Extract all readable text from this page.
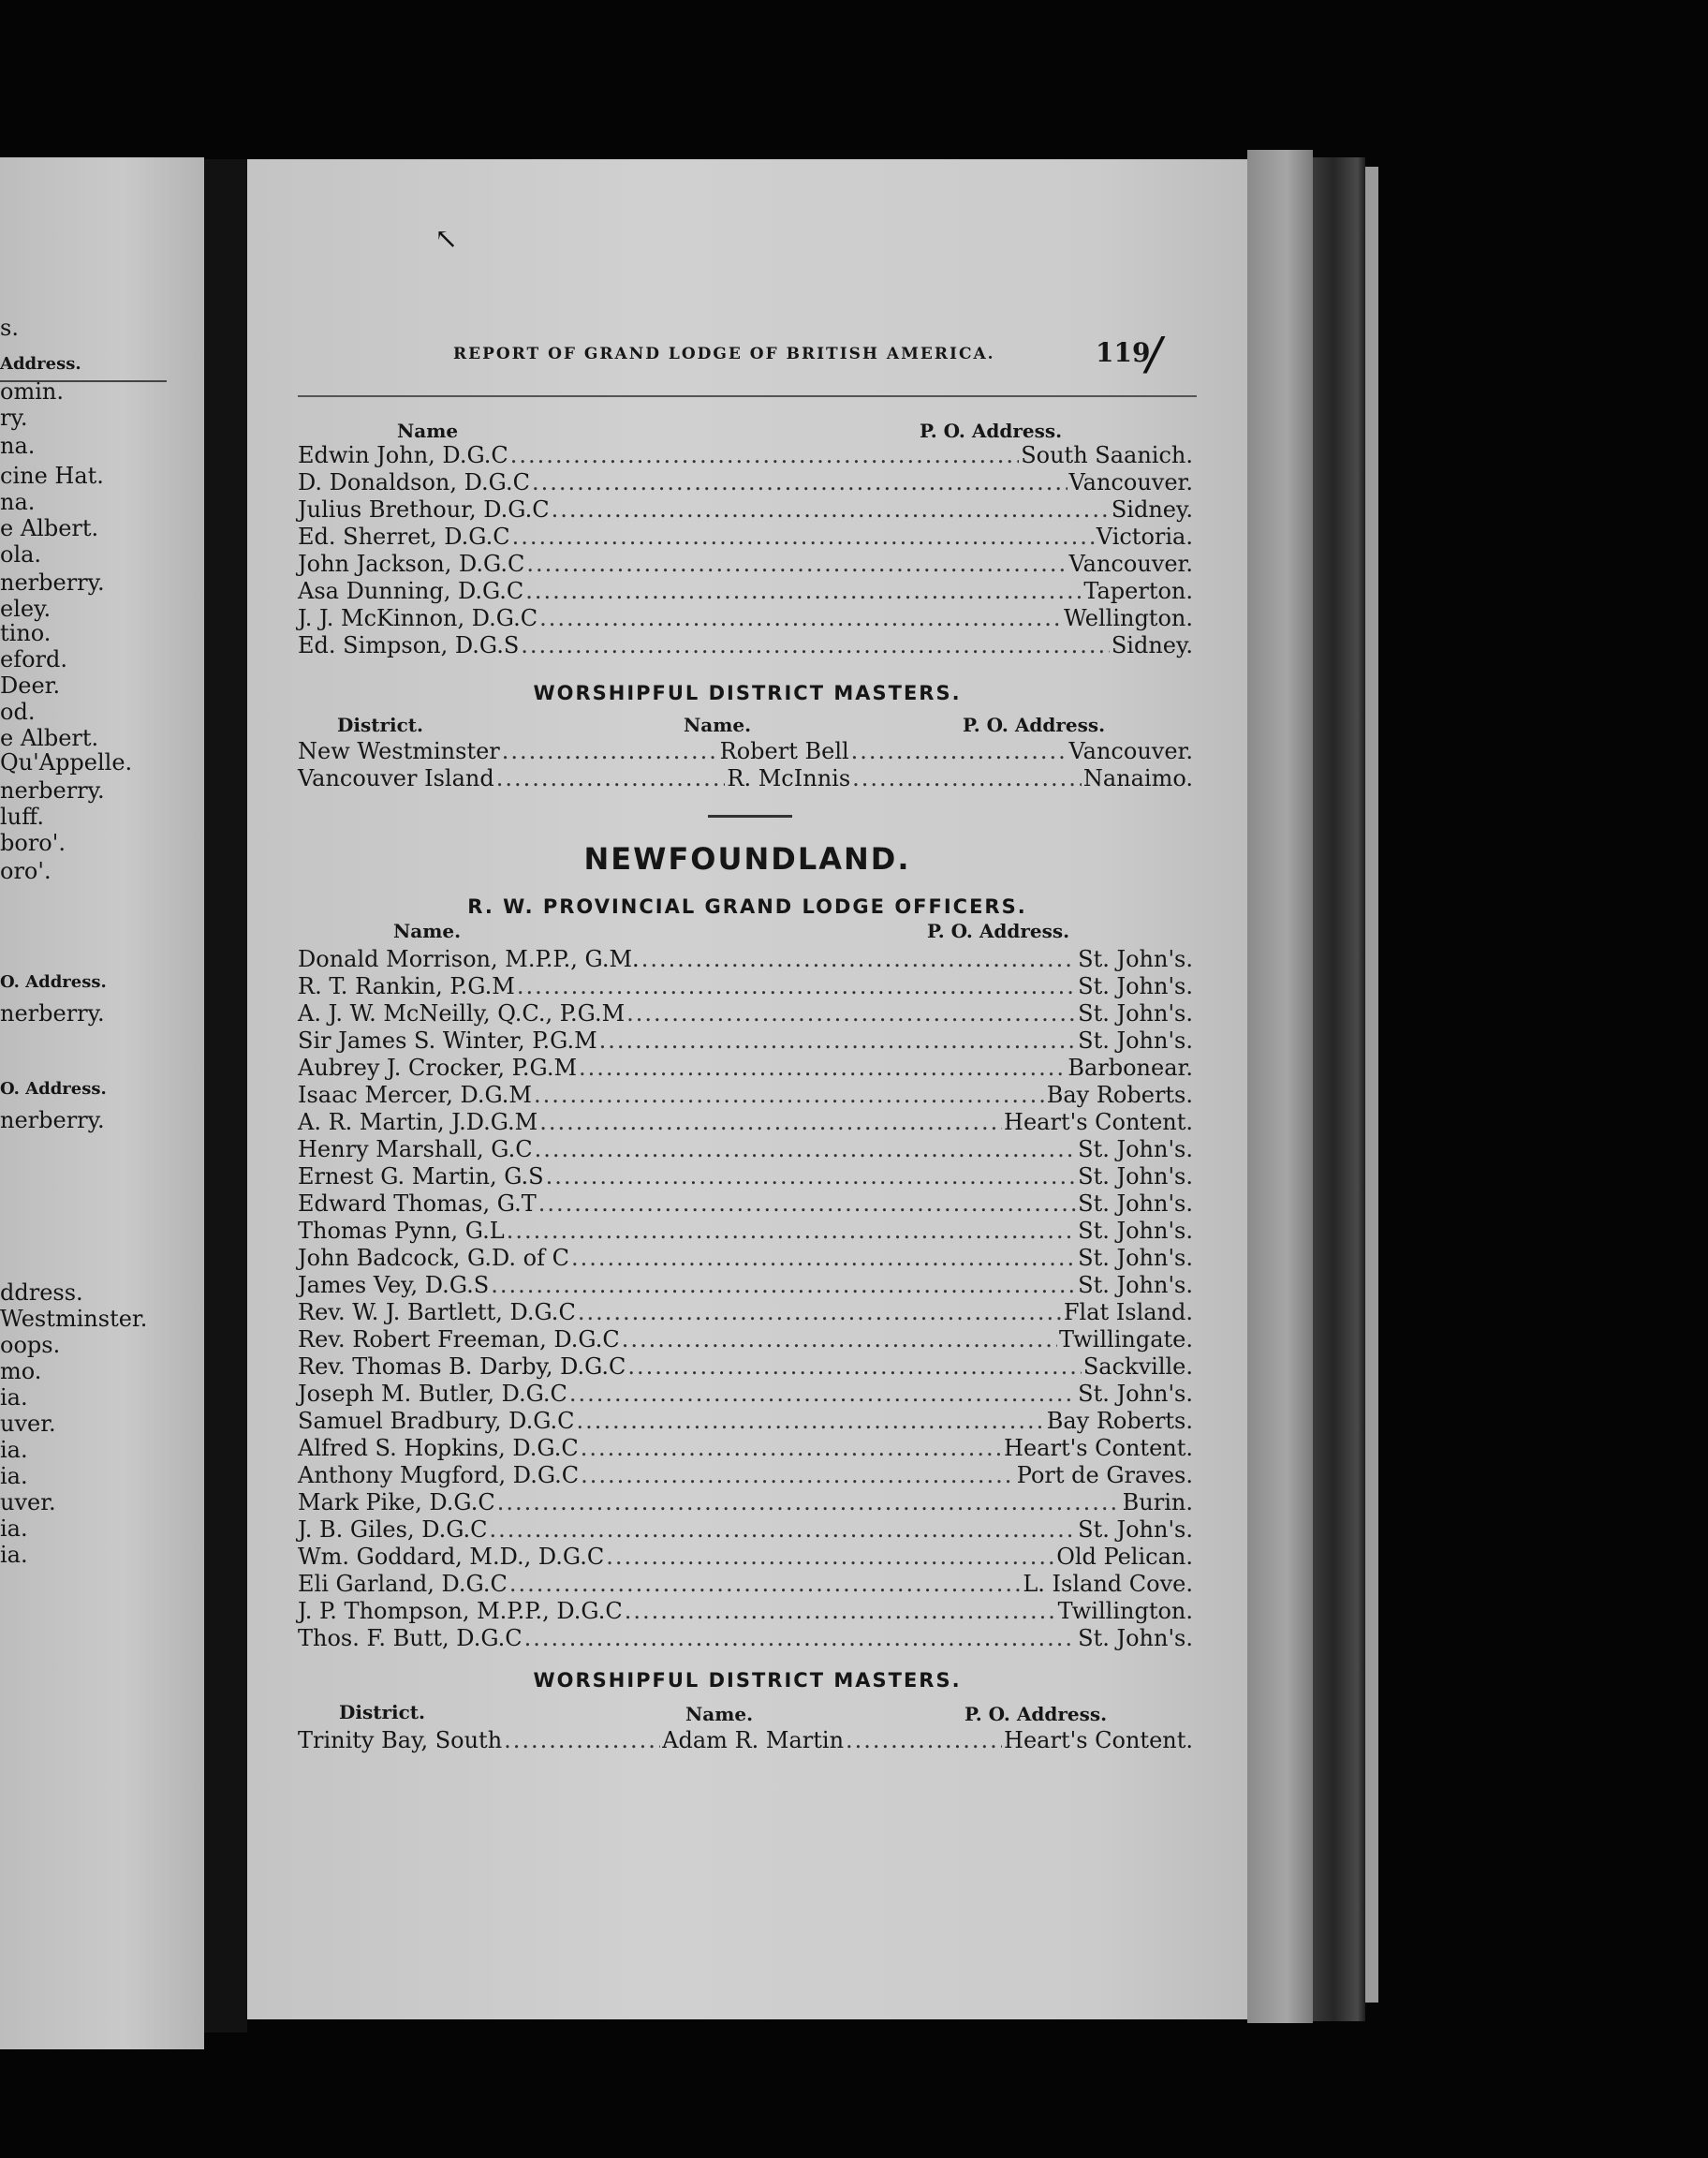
s.
Address.
omin.
ry.
na.
cine Hat.
na.
e Albert.
ola.
nerberry.
eley.
tino.
eford.
Deer.
od.
e Albert.
Qu'Appelle.
nerberry.
luff.
boro'.
oro'.
O. Address.
nerberry.
O. Address.
nerberry.
ddress.
Westminster.
oops.
mo.
ia.
uver.
ia.
ia.
uver.
ia.
ia.
↖
REPORT OF GRAND LODGE OF BRITISH AMERICA.	119
/
Name	P. O. Address.
Edwin John, D.G.C .....	South Saanich.
D. Donaldson, D.G.C .....	Vancouver.
Julius Brethour, D.G.C .....	Sidney.
Ed. Sherret, D.G.C .....	Victoria.
John Jackson, D.G.C .....	Vancouver.
Asa Dunning, D.G.C .....	Taperton.
J. J. McKinnon, D.G.C .....	Wellington.
Ed. Simpson, D.G.S .....	Sidney.
WORSHIPFUL DISTRICT MASTERS.
District.	Name.	P. O. Address.
New Westminster .....	Robert Bell .....	Vancouver.
Vancouver Island .....	R. McInnis .....	Nanaimo.
NEWFOUNDLAND.
R. W. PROVINCIAL GRAND LODGE OFFICERS.
Name.	P. O. Address.
Donald Morrison, M.P.P., G.M. .....	St. John's.
R. T. Rankin, P.G.M .....	St. John's.
A. J. W. McNeilly, Q.C., P.G.M .....	St. John's.
Sir James S. Winter, P.G.M .....	St. John's.
Aubrey J. Crocker, P.G.M .....	Barbonear.
Isaac Mercer, D.G.M .....	Bay Roberts.
A. R. Martin, J.D.G.M .....	Heart's Content.
Henry Marshall, G.C .....	St. John's.
Ernest G. Martin, G.S .....	St. John's.
Edward Thomas, G.T .....	St. John's.
Thomas Pynn, G.L .....	St. John's.
John Badcock, G.D. of C .....	St. John's.
James Vey, D.G.S .....	St. John's.
Rev. W. J. Bartlett, D.G.C .....	Flat Island.
Rev. Robert Freeman, D.G.C .....	Twillingate.
Rev. Thomas B. Darby, D.G.C .....	Sackville.
Joseph M. Butler, D.G.C .....	St. John's.
Samuel Bradbury, D.G.C .....	Bay Roberts.
Alfred S. Hopkins, D.G.C .....	Heart's Content.
Anthony Mugford, D.G.C .....	Port de Graves.
Mark Pike, D.G.C .....	Burin.
J. B. Giles, D.G.C .....	St. John's.
Wm. Goddard, M.D., D.G.C .....	Old Pelican.
Eli Garland, D.G.C .....	L. Island Cove.
J. P. Thompson, M.P.P., D.G.C .....	Twillington.
Thos. F. Butt, D.G.C .....	St. John's.
WORSHIPFUL DISTRICT MASTERS.
District.	Name.	P. O. Address.
Trinity Bay, South .....	Adam R. Martin .....	Heart's Content.
